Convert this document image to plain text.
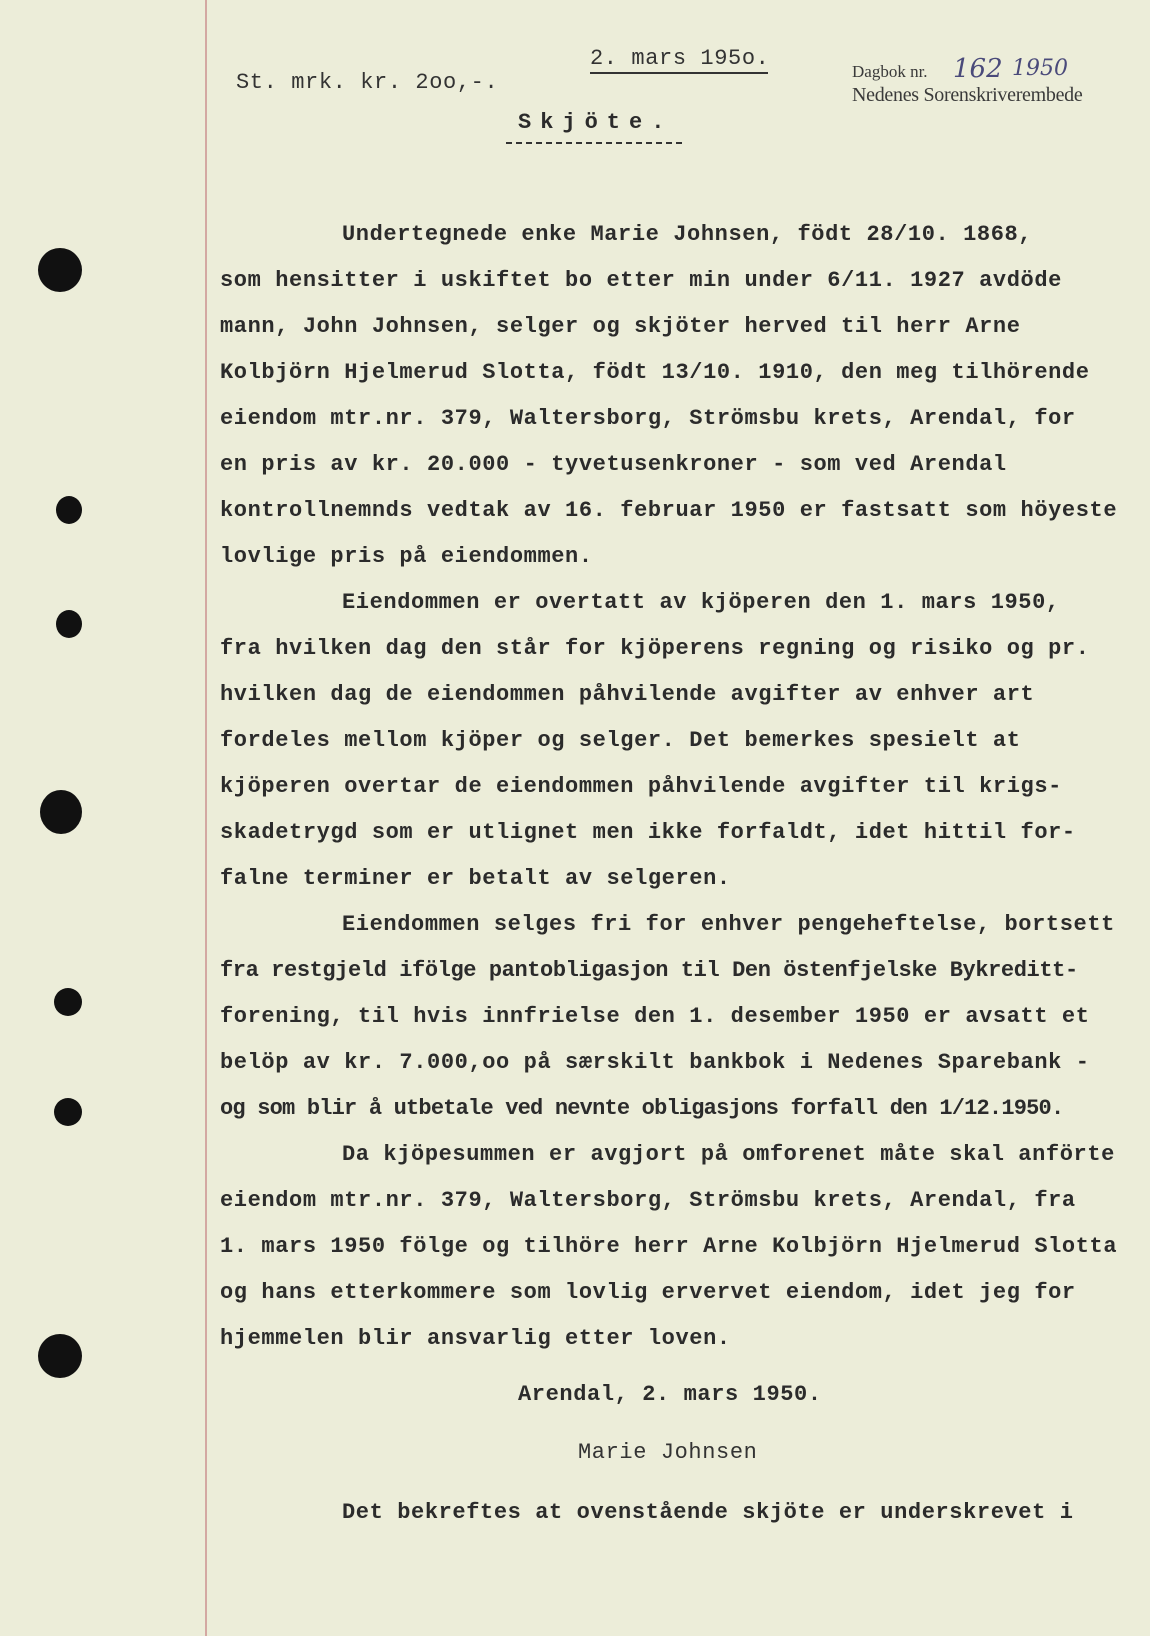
St. mrk. kr. 2oo,-.
2. mars 195o.
Dagbok nr. 162 1950
Nedenes Sorenskriverembede
Skjöte.
Undertegnede enke Marie Johnsen, födt 28/10. 1868,
som hensitter i uskiftet bo etter min under 6/11. 1927 avdöde
mann, John Johnsen, selger og skjöter herved til herr Arne
Kolbjörn Hjelmerud Slotta, födt 13/10. 1910, den meg tilhörende
eiendom mtr.nr. 379, Waltersborg, Strömsbu krets, Arendal, for
en pris av kr. 20.000 - tyvetusenkroner - som ved Arendal
kontrollnemnds vedtak av 16. februar 1950 er fastsatt som höyeste
lovlige pris på eiendommen.
Eiendommen er overtatt av kjöperen den 1. mars 1950,
fra hvilken dag den står for kjöperens regning og risiko og pr.
hvilken dag de eiendommen påhvilende avgifter av enhver art
fordeles mellom kjöper og selger. Det bemerkes spesielt at
kjöperen overtar de eiendommen påhvilende avgifter til krigs-
skadetrygd som er utlignet men ikke forfaldt, idet hittil for-
falne terminer er betalt av selgeren.
Eiendommen selges fri for enhver pengeheftelse, bortsett
fra restgjeld ifölge pantobligasjon til Den östenfjelske Bykreditt-
forening, til hvis innfrielse den 1. desember 1950 er avsatt et
belöp av kr. 7.000,oo på særskilt bankbok i Nedenes Sparebank -
og som blir å utbetale ved nevnte obligasjons forfall den 1/12.1950.
Da kjöpesummen er avgjort på omforenet måte skal anförte
eiendom mtr.nr. 379, Waltersborg, Strömsbu krets, Arendal, fra
1. mars 1950 fölge og tilhöre herr Arne Kolbjörn Hjelmerud Slotta
og hans etterkommere som lovlig ervervet eiendom, idet jeg for
hjemmelen blir ansvarlig etter loven.
Arendal, 2. mars 1950.
Marie Johnsen
Det bekreftes at ovenstående skjöte er underskrevet i
